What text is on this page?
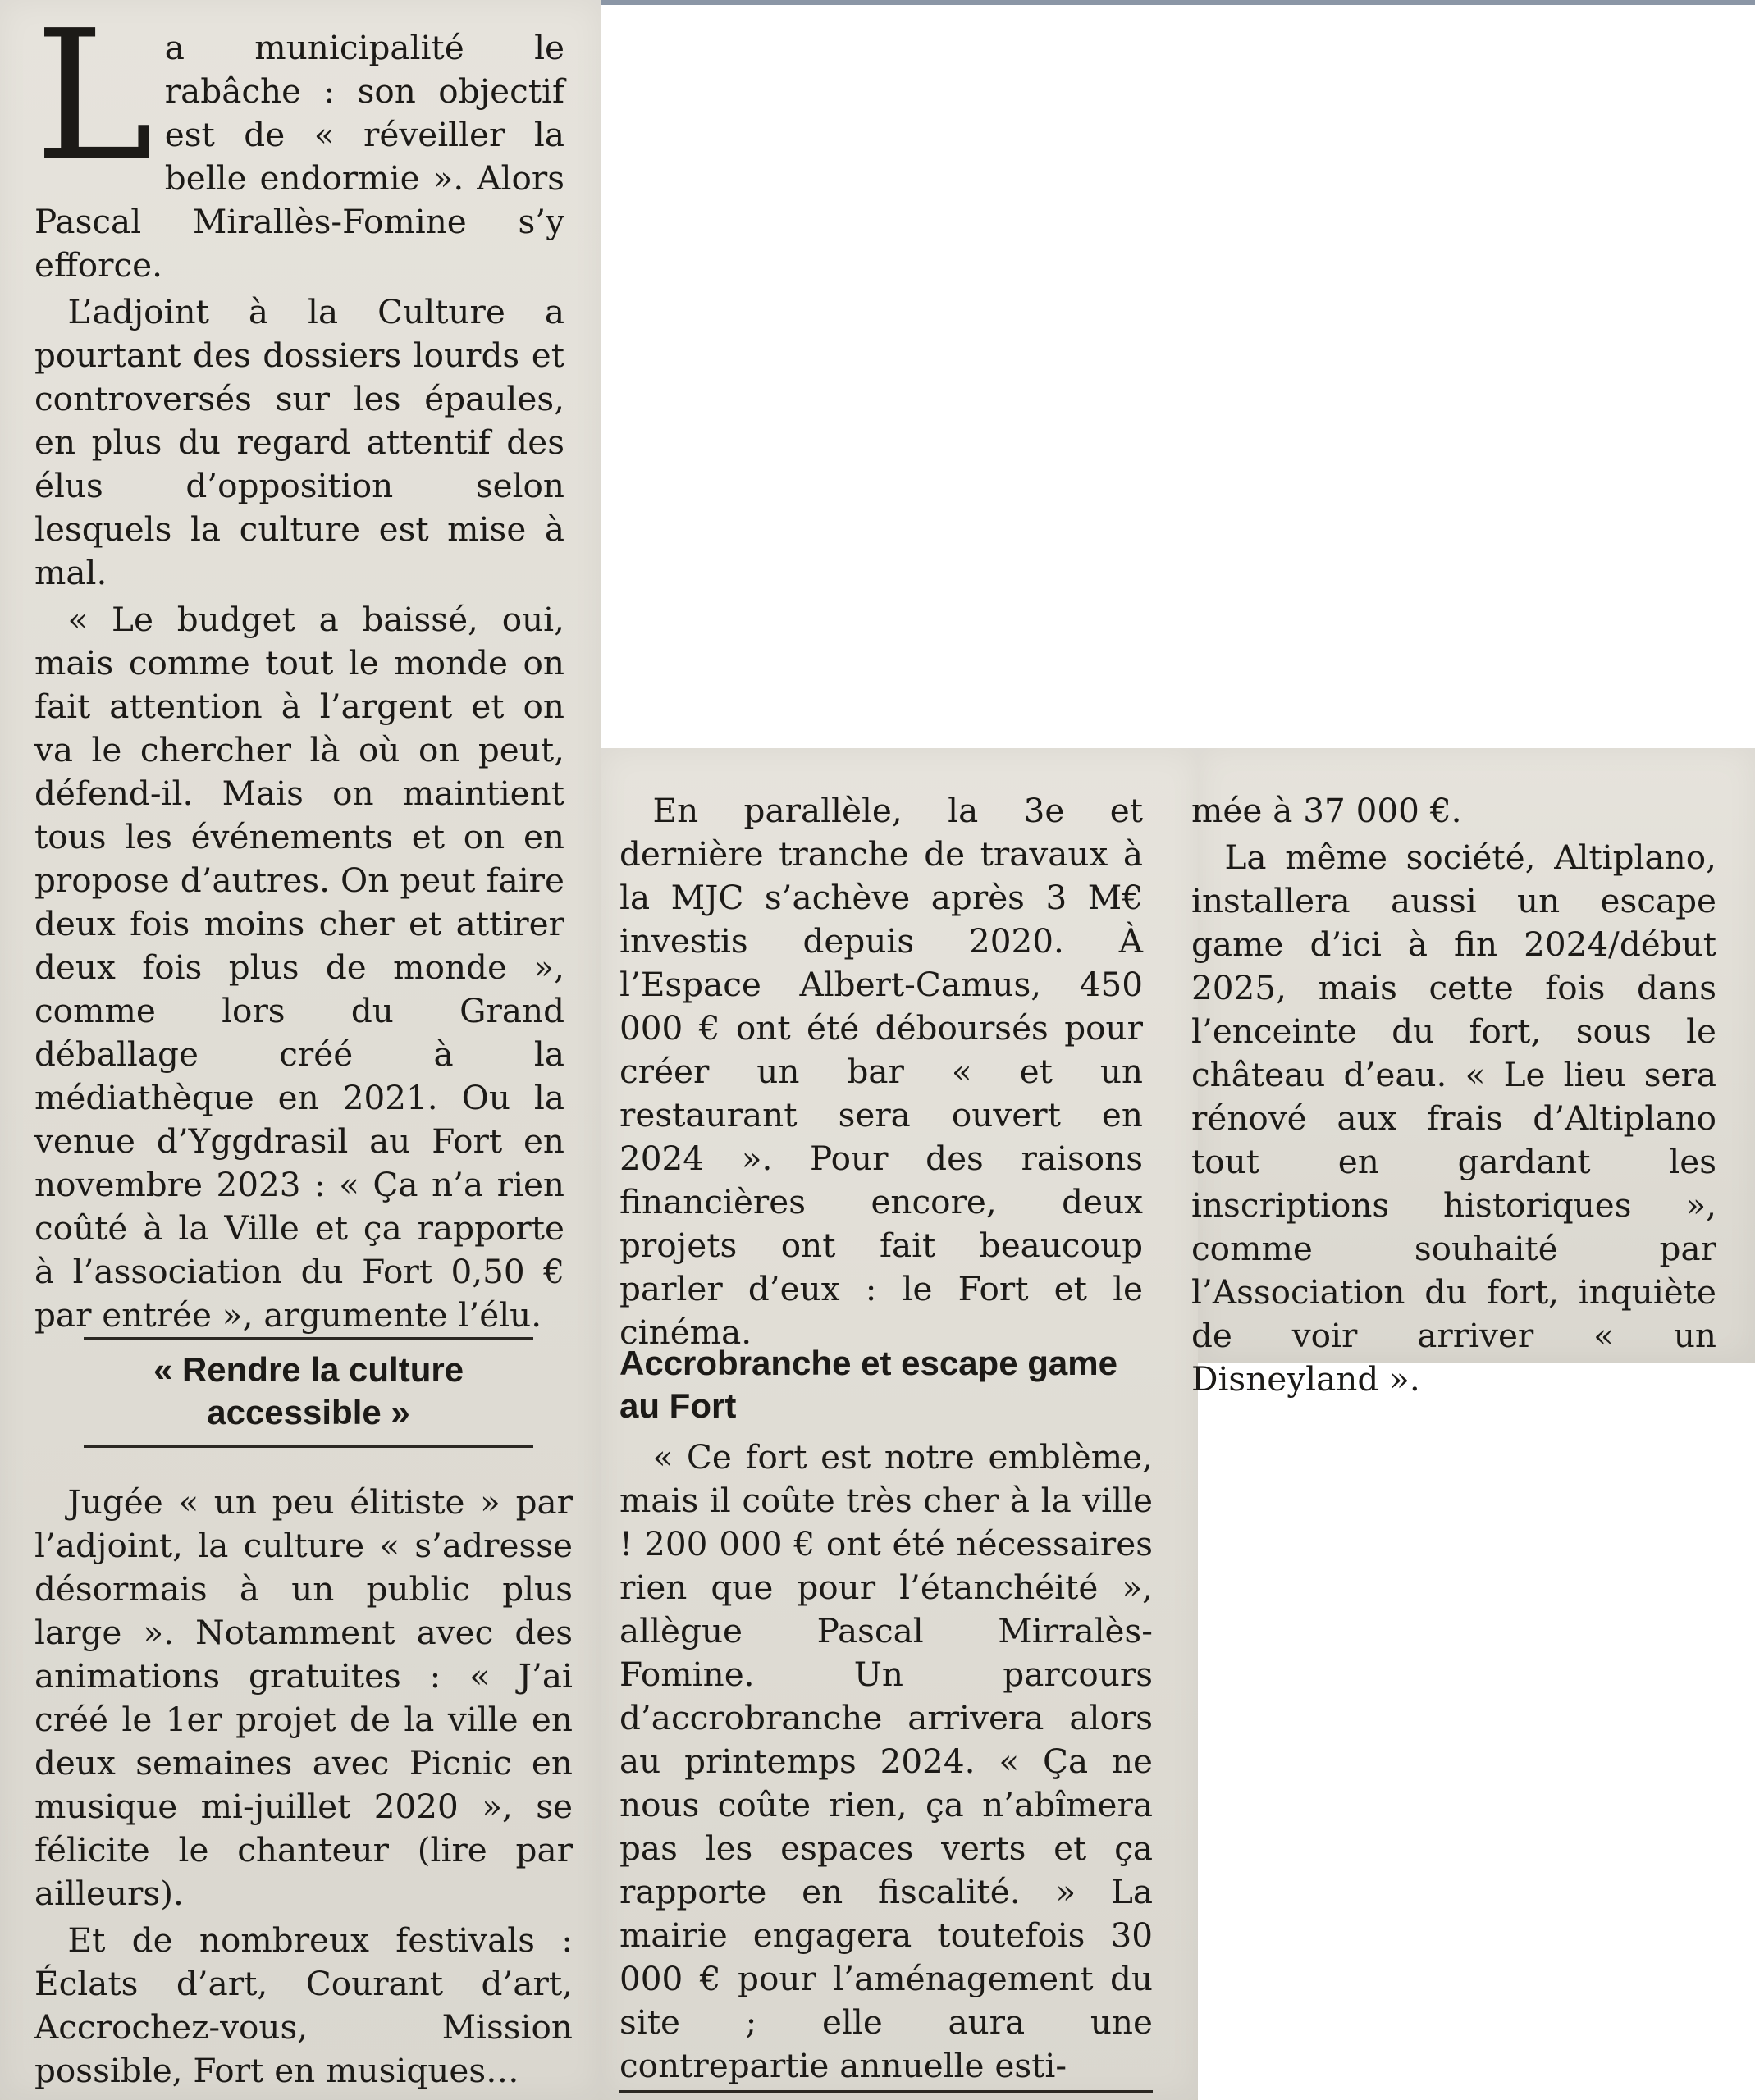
La municipalité le rabâche : son objectif est de « réveiller la belle endormie ». Alors Pascal Mirallès-Fomine s’y efforce.

L’adjoint à la Culture a pourtant des dossiers lourds et controversés sur les épaules, en plus du regard attentif des élus d’opposition selon lesquels la culture est mise à mal.

« Le budget a baissé, oui, mais comme tout le monde on fait attention à l’argent et on va le chercher là où on peut, défend-il. Mais on maintient tous les événements et on en propose d’autres. On peut faire deux fois moins cher et attirer deux fois plus de monde », comme lors du Grand déballage créé à la médiathèque en 2021. Ou la venue d’Yggdrasil au Fort en novembre 2023 : « Ça n’a rien coûté à la Ville et ça rapporte à l’association du Fort 0,50 € par entrée », argumente l’élu.

« Rendre la culture accessible »

Jugée « un peu élitiste » par l’adjoint, la culture « s’adresse désormais à un public plus large ». Notamment avec des animations gratuites : « J’ai créé le 1er projet de la ville en deux semaines avec Picnic en musique mi-juillet 2020 », se félicite le chanteur (lire par ailleurs).

Et de nombreux festivals : Éclats d’art, Courant d’art, Accrochez-vous, Mission possible, Fort en musiques…

En parallèle, la 3e et dernière tranche de travaux à la MJC s’achève après 3 M€ investis depuis 2020. À l’Espace Albert-Camus, 450 000 € ont été déboursés pour créer un bar « et un restaurant sera ouvert en 2024 ». Pour des raisons financières encore, deux projets ont fait beaucoup parler d’eux : le Fort et le cinéma.

Accrobranche et escape game au Fort

« Ce fort est notre emblème, mais il coûte très cher à la ville ! 200 000 € ont été nécessaires rien que pour l’étanchéité », allègue Pascal Mirralès-Fomine. Un parcours d’accrobranche arrivera alors au printemps 2024. « Ça ne nous coûte rien, ça n’abîmera pas les espaces verts et ça rapporte en fiscalité. » La mairie engagera toutefois 30 000 € pour l’aménagement du site ; elle aura une contrepartie annuelle esti-

mée à 37 000 €.

La même société, Altiplano, installera aussi un escape game d’ici à fin 2024/début 2025, mais cette fois dans l’enceinte du fort, sous le château d’eau. « Le lieu sera rénové aux frais d’Altiplano tout en gardant les inscriptions historiques », comme souhaité par l’Association du fort, inquiète de voir arriver « un Disneyland ».
